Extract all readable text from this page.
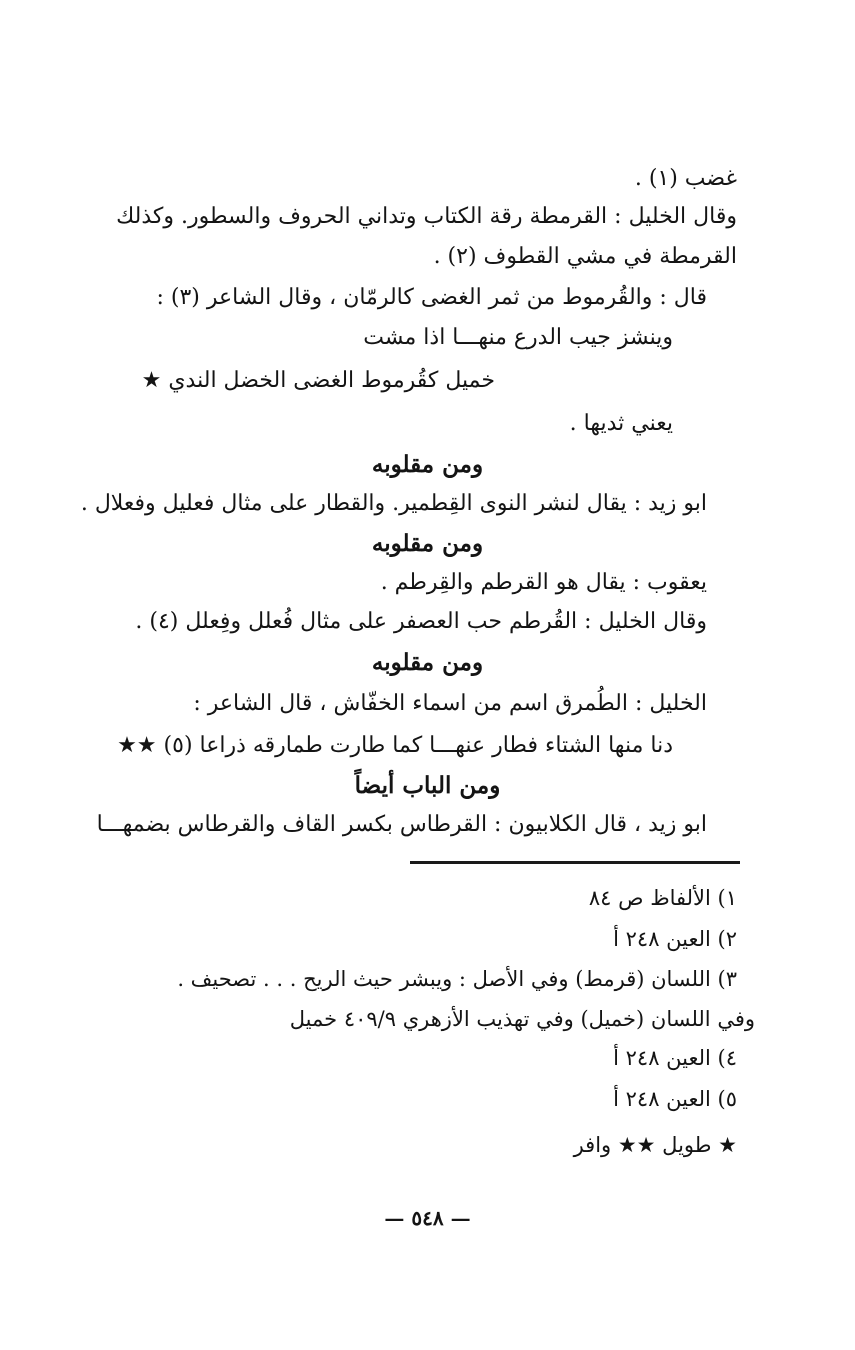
غضب (١) .

وقال الخليل : القرمطة رقة الكتاب وتداني الحروف والسطور. وكذلك

القرمطة في مشي القطوف (٢) .

قال : والقُرموط من ثمر الغضى كالرمّان ، وقال الشاعر (٣) :

وينشز جيب الدرع منهـــا اذا مشت

خميل كقُرموط الغضى الخضل الندي ★

يعني ثديها .

ومن مقلوبه

ابو زيد : يقال لنشر النوى القِطمير. والقطار على مثال فعليل وفعلال .

ومن مقلوبه

يعقوب : يقال هو القرطم والقِرطم .

وقال الخليل : القُرطم حب العصفر على مثال فُعلل وفِعلل (٤) .

ومن مقلوبه

الخليل : الطُمرق اسم من اسماء الخفّاش ، قال الشاعر :

دنا منها الشتاء فطار عنهـــا كما طارت طمارقه ذراعا (٥) ★★

ومن الباب أيضاً

ابو زيد ، قال الكلابيون : القرطاس بكسر القاف والقرطاس بضمهـــا

١) الألفاظ ص ٨٤

٢) العين ٢٤٨ أ

٣) اللسان (قرمط) وفي الأصل : ويبشر حيث الريح . . . تصحيف .

وفي اللسان (خميل) وفي تهذيب الأزهري ٤٠٩/٩ خميل

٤) العين ٢٤٨ أ

٥) العين ٢٤٨ أ

★ طويل ★★ وافر

— ٥٤٨ —
